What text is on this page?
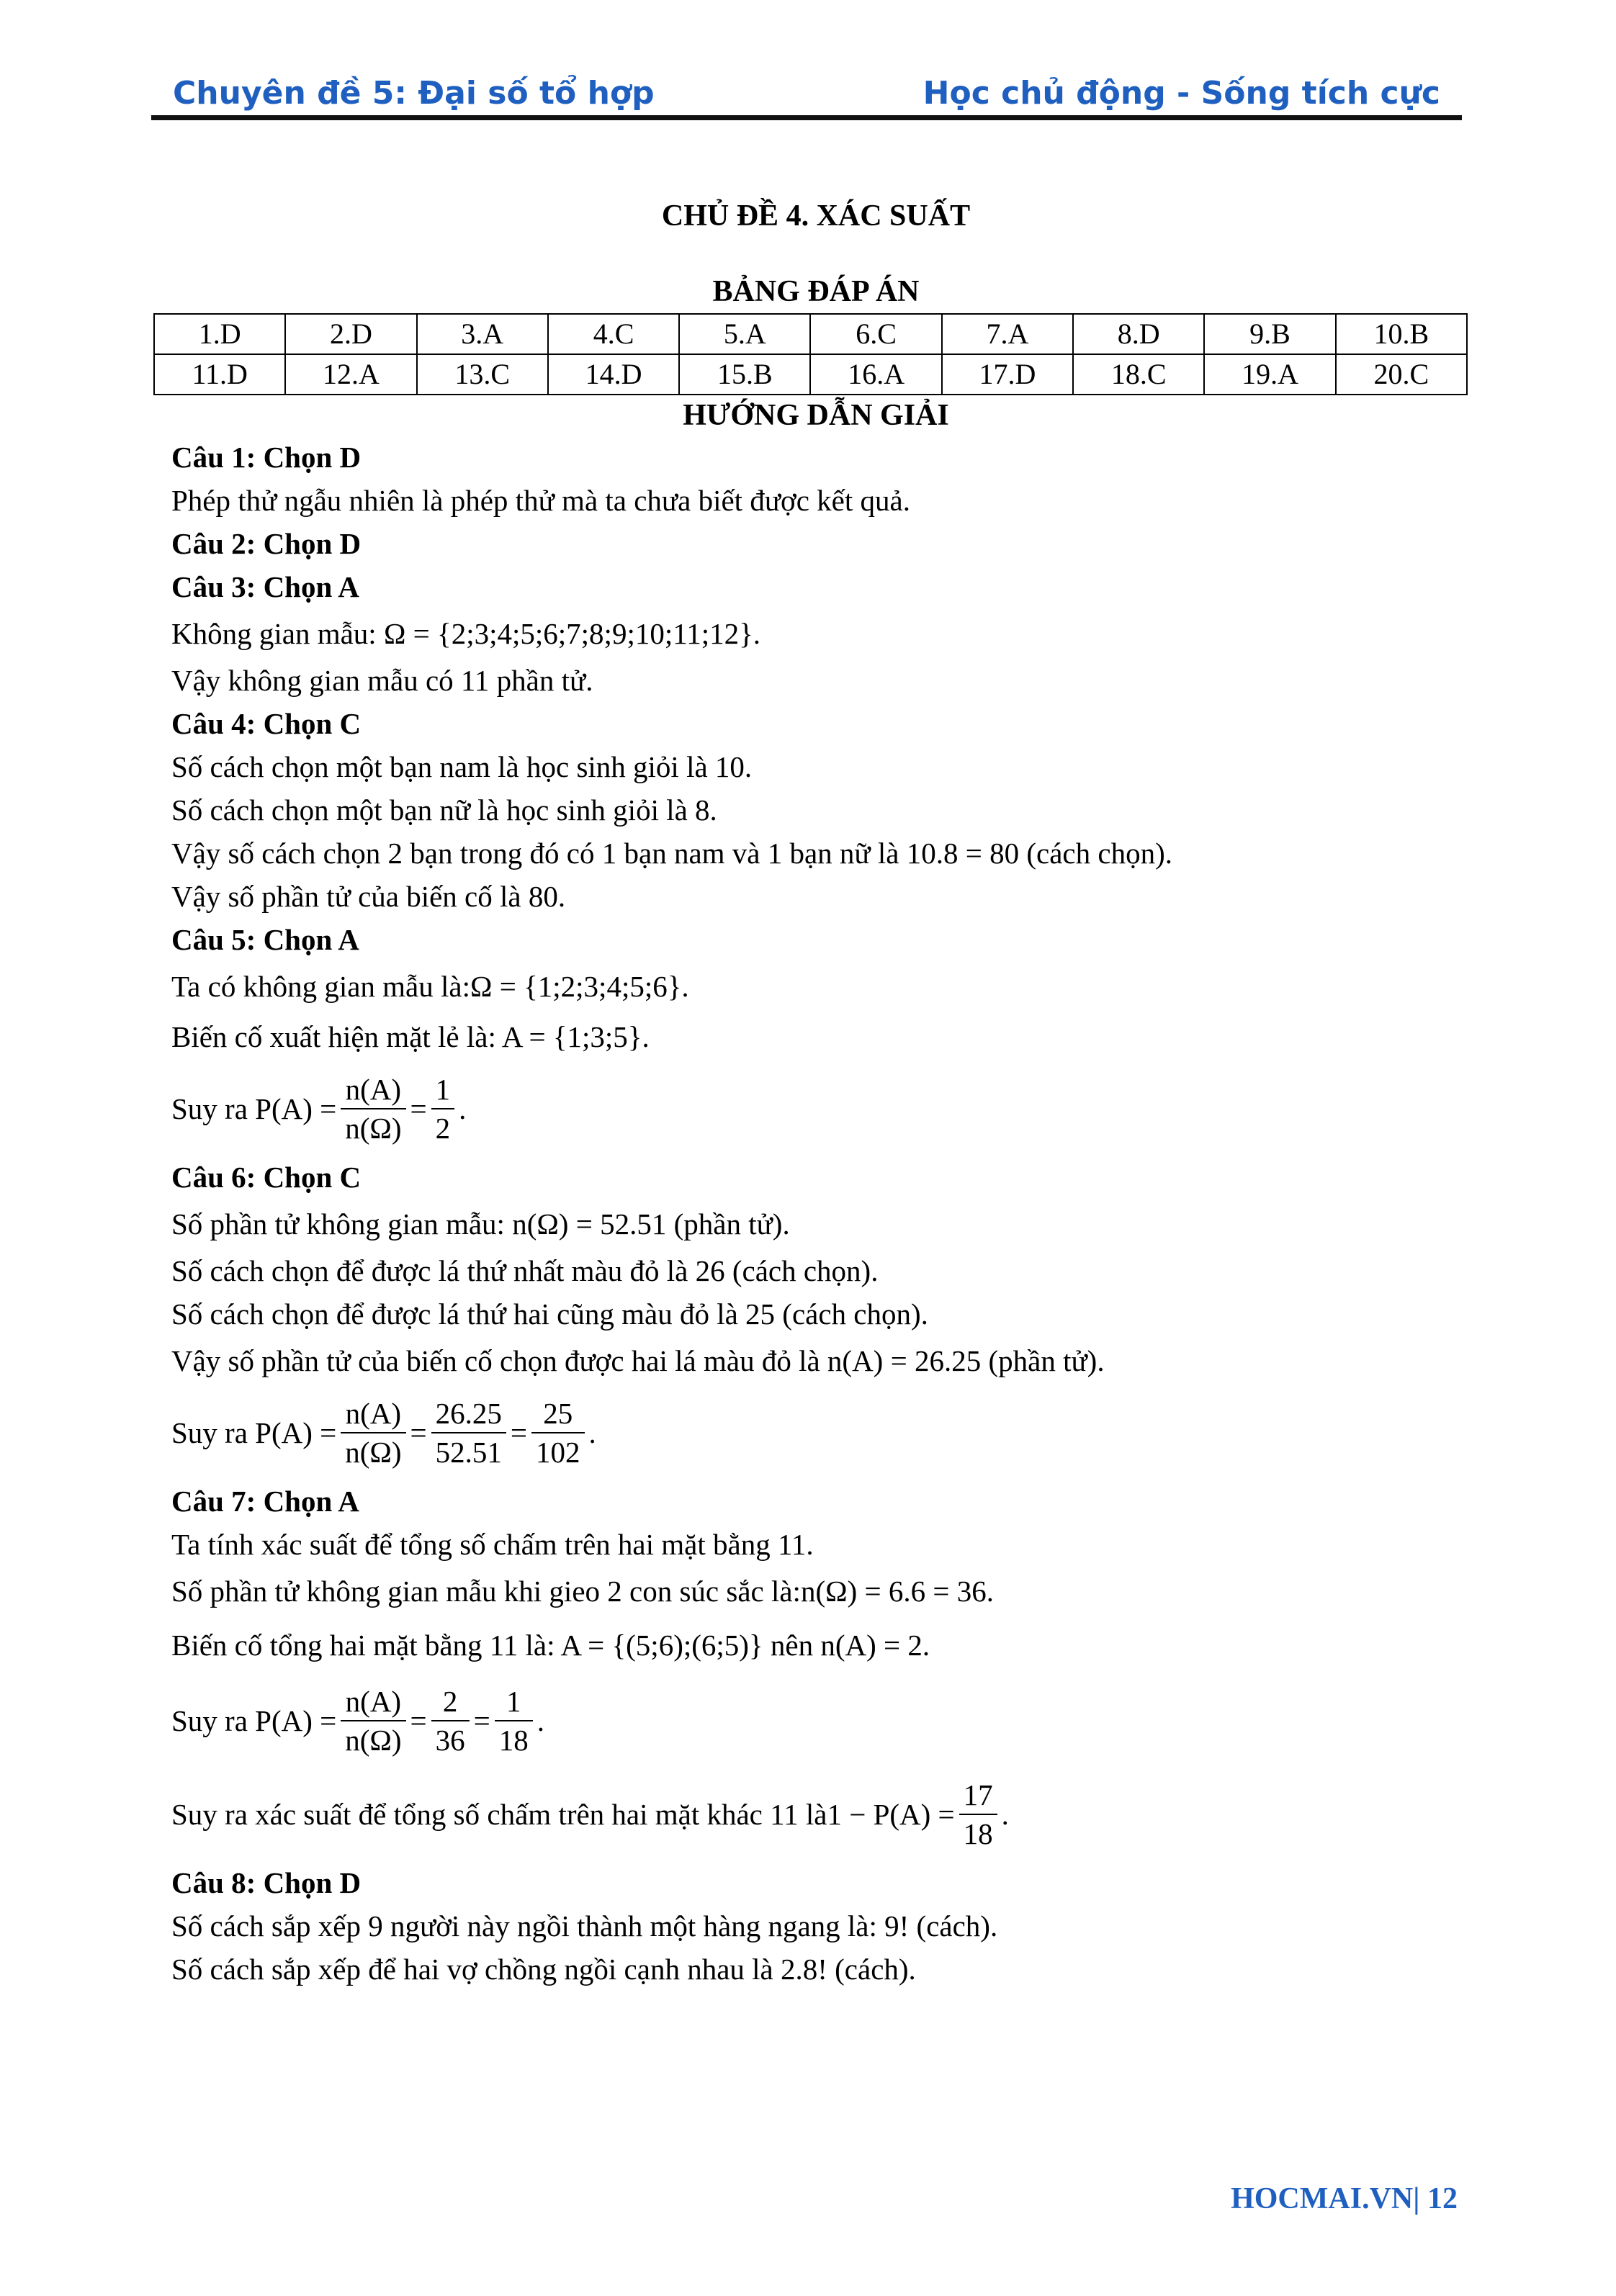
Chuyên đề 5: Đại số tổ hợp	Học chủ động - Sống tích cực
CHỦ ĐỀ 4. XÁC SUẤT
BẢNG ĐÁP ÁN
1.D	2.D	3.A	4.C	5.A	6.C	7.A	8.D	9.B	10.B
11.D	12.A	13.C	14.D	15.B	16.A	17.D	18.C	19.A	20.C
HƯỚNG DẪN GIẢI
Câu 1: Chọn D
Phép thử ngẫu nhiên là phép thử mà ta chưa biết được kết quả.
Câu 2: Chọn D
Câu 3: Chọn A
Không gian mẫu: Ω = {2;3;4;5;6;7;8;9;10;11;12}.
Vậy không gian mẫu có 11 phần tử.
Câu 4: Chọn C
Số cách chọn một bạn nam là học sinh giỏi là 10.
Số cách chọn một bạn nữ là học sinh giỏi là 8.
Vậy số cách chọn 2 bạn trong đó có 1 bạn nam và 1 bạn nữ là 10.8 = 80 (cách chọn).
Vậy số phần tử của biến cố là 80.
Câu 5: Chọn A
Ta có không gian mẫu là:Ω = {1;2;3;4;5;6}.
Biến cố xuất hiện mặt lẻ là: A = {1;3;5}.
Suy ra
$P(A) = \frac{n(A)}{n(\Omega)} = \frac{1}{2}$ .
Câu 6: Chọn C
Số phần tử không gian mẫu: n(Ω) = 52.51 (phần tử).
Số cách chọn để được lá thứ nhất màu đỏ là 26 (cách chọn).
Số cách chọn để được lá thứ hai cũng màu đỏ là 25 (cách chọn).
Vậy số phần tử của biến cố chọn được hai lá màu đỏ là n(A) = 26.25 (phần tử).
Suy ra
$P(A) = \frac{n(A)}{n(\Omega)} = \frac{26.25}{52.51} = \frac{25}{102}$ .
Câu 7: Chọn A
Ta tính xác suất để tổng số chấm trên hai mặt bằng 11.
Số phần tử không gian mẫu khi gieo 2 con súc sắc là:n(Ω) = 6.6 = 36.
Biến cố tổng hai mặt bằng 11 là: A = {(5;6);(6;5)} nên n(A) = 2.
Suy ra
$P(A) = \frac{n(A)}{n(\Omega)} = \frac{2}{36} = \frac{1}{18}$ .
Suy ra xác suất để tổng số chấm trên hai mặt khác 11 là $1 - P(A) = \frac{17}{18}$ .
Câu 8: Chọn D
Số cách sắp xếp 9 người này ngồi thành một hàng ngang là: 9! (cách).
Số cách sắp xếp để hai vợ chồng ngồi cạnh nhau là 2.8! (cách).
HOCMAI.VN| 12
